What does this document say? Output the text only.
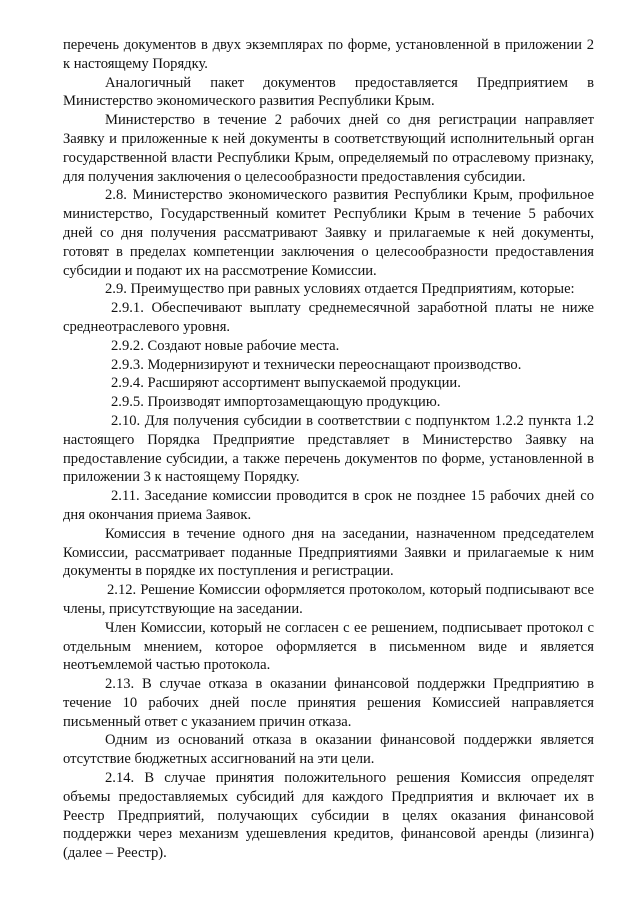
перечень документов в двух экземплярах по форме, установленной в приложении 2 к настоящему Порядку.

Аналогичный пакет документов предоставляется Предприятием в Министерство экономического развития Республики Крым.

Министерство в течение 2 рабочих дней со дня регистрации направляет Заявку и приложенные к ней документы в соответствующий исполнительный орган государственной власти Республики Крым, определяемый по отраслевому признаку, для получения заключения о целесообразности предоставления субсидии.

2.8. Министерство экономического развития Республики Крым, профильное министерство, Государственный комитет Республики Крым в течение 5 рабочих дней со дня получения рассматривают Заявку и прилагаемые к ней документы, готовят в пределах компетенции заключения о целесообразности предоставления субсидии и подают их на рассмотрение Комиссии.

2.9. Преимущество при равных условиях отдается Предприятиям, которые:

2.9.1. Обеспечивают выплату среднемесячной заработной платы не ниже среднеотраслевого уровня.

2.9.2. Создают новые рабочие места.

2.9.3. Модернизируют и технически переоснащают производство.

2.9.4. Расширяют ассортимент выпускаемой продукции.

2.9.5. Производят импортозамещающую продукцию.

2.10. Для получения субсидии в соответствии с подпунктом 1.2.2 пункта 1.2 настоящего Порядка Предприятие представляет в Министерство Заявку на предоставление субсидии, а также перечень документов по форме, установленной в приложении 3 к настоящему Порядку.

2.11. Заседание комиссии проводится в срок не позднее 15 рабочих дней со дня окончания приема Заявок.

Комиссия в течение одного дня на заседании, назначенном председателем Комиссии, рассматривает поданные Предприятиями Заявки и прилагаемые к ним документы в порядке их поступления и регистрации.

2.12. Решение Комиссии оформляется протоколом, который подписывают все члены, присутствующие на заседании.

Член Комиссии, который не согласен с ее решением, подписывает протокол с отдельным мнением, которое оформляется в письменном виде и является неотъемлемой частью протокола.

2.13. В случае отказа в оказании финансовой поддержки Предприятию в течение 10 рабочих дней после принятия решения Комиссией направляется письменный ответ с указанием причин отказа.

Одним из оснований отказа в оказании финансовой поддержки является отсутствие бюджетных ассигнований на эти цели.

2.14. В случае принятия положительного решения Комиссия определят объемы предоставляемых субсидий для каждого Предприятия и включает их в Реестр Предприятий, получающих субсидии в целях оказания финансовой поддержки через механизм удешевления кредитов, финансовой аренды (лизинга) (далее – Реестр).
